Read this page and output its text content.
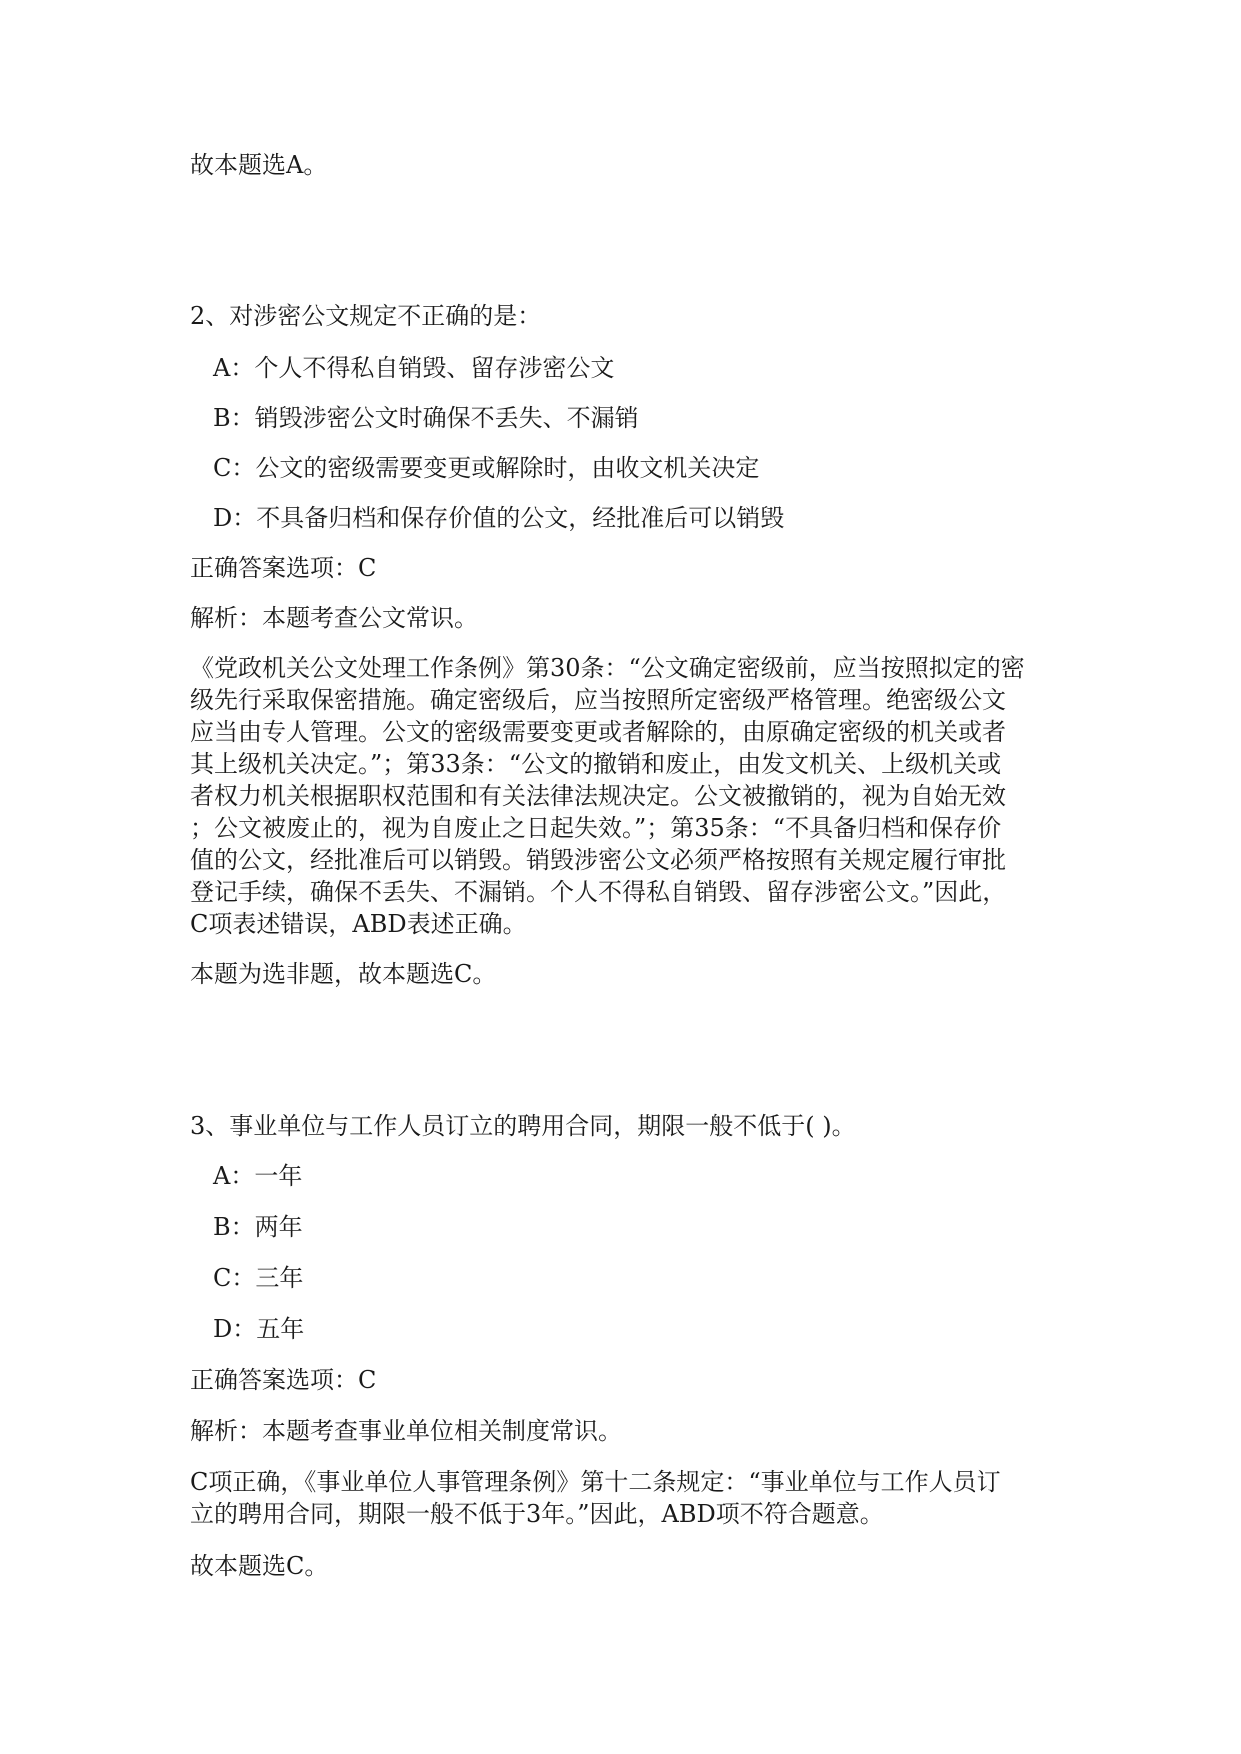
故本题选A。
2、对涉密公文规定不正确的是：
A：个人不得私自销毁、留存涉密公文
B：销毁涉密公文时确保不丢失、不漏销
C：公文的密级需要变更或解除时，由收文机关决定
D：不具备归档和保存价值的公文，经批准后可以销毁
正确答案选项：C
解析：本题考查公文常识。
《党政机关公文处理工作条例》第30条：“公文确定密级前，应当按照拟定的密
级先行采取保密措施。确定密级后，应当按照所定密级严格管理。绝密级公文
应当由专人管理。公文的密级需要变更或者解除的，由原确定密级的机关或者
其上级机关决定。”；第33条：“公文的撤销和废止，由发文机关、上级机关或
者权力机关根据职权范围和有关法律法规决定。公文被撤销的，视为自始无效
；公文被废止的，视为自废止之日起失效。”；第35条：“不具备归档和保存价
值的公文，经批准后可以销毁。销毁涉密公文必须严格按照有关规定履行审批
登记手续，确保不丢失、不漏销。个人不得私自销毁、留存涉密公文。”因此，
C项表述错误，ABD表述正确。
本题为选非题，故本题选C。
3、事业单位与工作人员订立的聘用合同，期限一般不低于( )。
A：一年
B：两年
C：三年
D：五年
正确答案选项：C
解析：本题考查事业单位相关制度常识。
C项正确，《事业单位人事管理条例》第十二条规定：“事业单位与工作人员订
立的聘用合同，期限一般不低于3年。”因此，ABD项不符合题意。
故本题选C。
